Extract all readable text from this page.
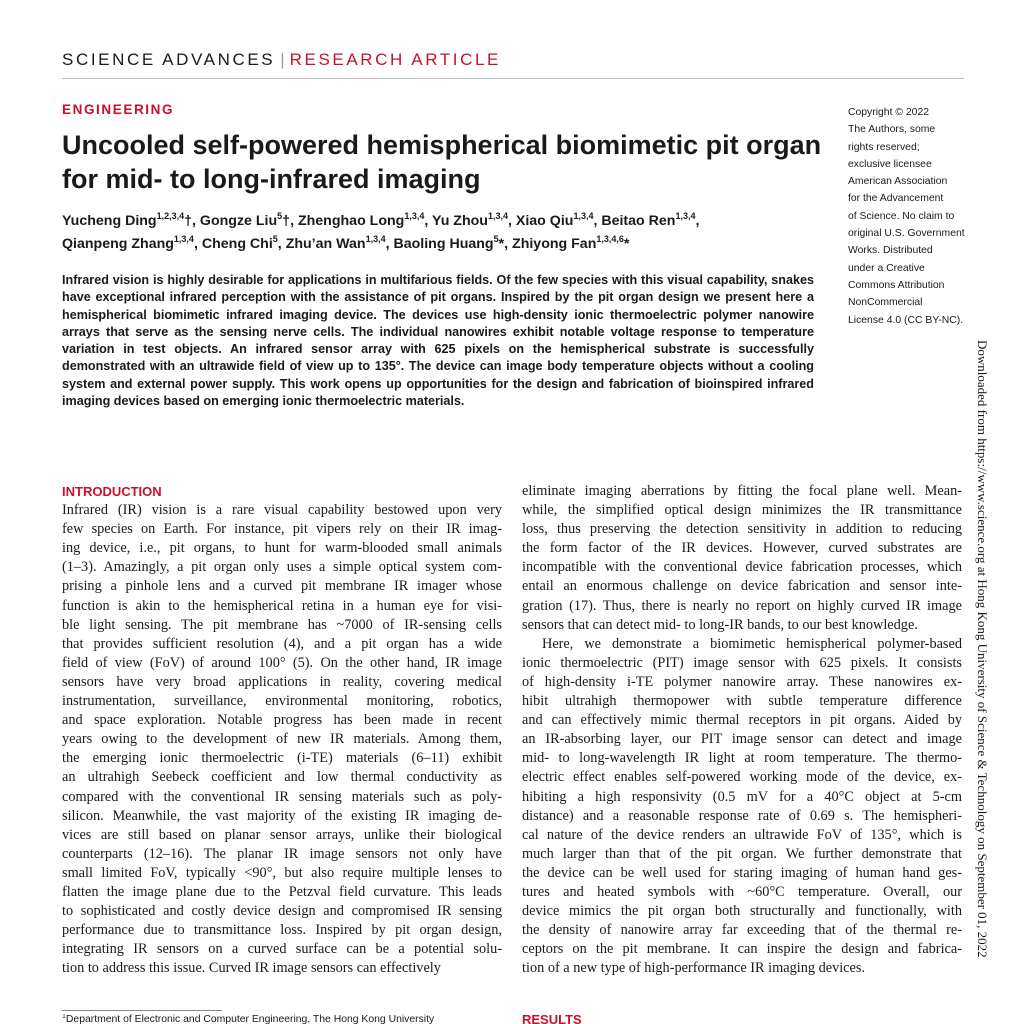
SCIENCE ADVANCES | RESEARCH ARTICLE
ENGINEERING
Uncooled self-powered hemispherical biomimetic pit organ for mid- to long-infrared imaging
Yucheng Ding$^{1,2,3,4}$†, Gongze Liu$^5$†, Zhenghao Long$^{1,3,4}$, Yu Zhou$^{1,3,4}$, Xiao Qiu$^{1,3,4}$, Beitao Ren$^{1,3,4}$,
Qianpeng Zhang$^{1,3,4}$, Cheng Chi$^5$, Zhu’an Wan$^{1,3,4}$, Baoling Huang$^5$*, Zhiyong Fan$^{1,3,4,6}$*
Copyright © 2022
The Authors, some
rights reserved;
exclusive licensee
American Association
for the Advancement
of Science. No claim to
original U.S. Government
Works. Distributed
under a Creative
Commons Attribution
NonCommercial
License 4.0 (CC BY-NC).

Infrared vision is highly desirable for applications in multifarious fields. Of the few species with this visual capability, snakes have exceptional infrared perception with the assistance of pit organs. Inspired by the pit organ design we present here a hemispherical biomimetic infrared imaging device. The devices use high-density ionic thermoelectric polymer nanowire arrays that serve as the sensing nerve cells. The individual nanowires exhibit notable voltage response to temperature variation in test objects. An infrared sensor array with 625 pixels on the hemispherical substrate is successfully demonstrated with an ultrawide field of view up to 135°. The device can image body temperature objects without a cooling system and external power supply. This work opens up opportunities for the design and fabrication of bioinspired infrared imaging devices based on emerging ionic thermoelectric materials.	Downloaded from https://www.science.org at Hong Kong University of Science & Technology on September 01, 2022
INTRODUCTION
Infrared (IR) vision is a rare visual capability bestowed upon very
few species on Earth. For instance, pit vipers rely on their IR imag-
ing device, i.e., pit organs, to hunt for warm-blooded small animals
(1–3). Amazingly, a pit organ only uses a simple optical system com-
prising a pinhole lens and a curved pit membrane IR imager whose
function is akin to the hemispherical retina in a human eye for visi-
ble light sensing. The pit membrane has ~7000 of IR-sensing cells
that provides sufficient resolution (4), and a pit organ has a wide
field of view (FoV) of around 100° (5). On the other hand, IR image
sensors have very broad applications in reality, covering medical
instrumentation, surveillance, environmental monitoring, robotics,
and space exploration. Notable progress has been made in recent
years owing to the development of new IR materials. Among them,
the emerging ionic thermoelectric (i-TE) materials (6–11) exhibit
an ultrahigh Seebeck coefficient and low thermal conductivity as
compared with the conventional IR sensing materials such as poly-
silicon. Meanwhile, the vast majority of the existing IR imaging de-
vices are still based on planar sensor arrays, unlike their biological
counterparts (12–16). The planar IR image sensors not only have
small limited FoV, typically <90°, but also require multiple lenses to
flatten the image plane due to the Petzval field curvature. This leads
to sophisticated and costly device design and compromised IR sensing
performance due to transmittance loss. Inspired by pit organ design,
integrating IR sensors on a curved surface can be a potential solu-
tion to address this issue. Curved IR image sensors can effectively
eliminate imaging aberrations by fitting the focal plane well. Mean-
while, the simplified optical design minimizes the IR transmittance
loss, thus preserving the detection sensitivity in addition to reducing
the form factor of the IR devices. However, curved substrates are
incompatible with the conventional device fabrication processes, which
entail an enormous challenge on device fabrication and sensor inte-
gration (17). Thus, there is nearly no report on highly curved IR image
sensors that can detect mid- to long-IR bands, to our best knowledge.
Here, we demonstrate a biomimetic hemispherical polymer-based
ionic thermoelectric (PIT) image sensor with 625 pixels. It consists
of high-density i-TE polymer nanowire array. These nanowires ex-
hibit ultrahigh thermopower with subtle temperature difference
and can effectively mimic thermal receptors in pit organs. Aided by
an IR-absorbing layer, our PIT image sensor can detect and image
mid- to long-wavelength IR light at room temperature. The thermo-
electric effect enables self-powered working mode of the device, ex-
hibiting a high responsivity (0.5 mV for a 40°C object at 5-cm
distance) and a reasonable response rate of 0.69 s. The hemispheri-
cal nature of the device renders an ultrawide FoV of 135°, which is
much larger than that of the pit organ. We further demonstrate that
the device can be well used for staring imaging of human hand ges-
tures and heated symbols with ~60°C temperature. Overall, our
device mimics the pit organ both structurally and functionally, with
the density of nanowire array far exceeding that of the thermal re-
ceptors on the pit membrane. It can inspire the design and fabrica-
tion of a new type of high-performance IR imaging devices.
$^1$Department of Electronic and Computer Engineering, The Hong Kong University	RESULTS
